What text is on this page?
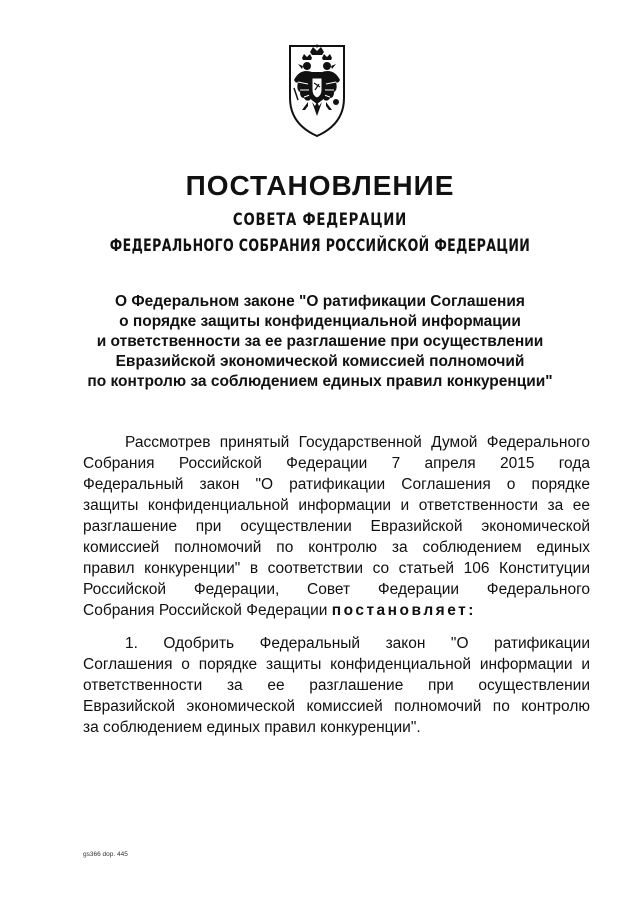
ПОСТАНОВЛЕНИЕ
СОВЕТА ФЕДЕРАЦИИ
ФЕДЕРАЛЬНОГО СОБРАНИЯ РОССИЙСКОЙ ФЕДЕРАЦИИ
О Федеральном законе "О ратификации Соглашения
о порядке защиты конфиденциальной информации
и ответственности за ее разглашение при осуществлении
Евразийской экономической комиссией полномочий
по контролю за соблюдением единых правил конкуренции"
Рассмотрев принятый Государственной Думой Федерального
Собрания Российской Федерации 7 апреля 2015 года
Федеральный закон "О ратификации Соглашения о порядке
защиты конфиденциальной информации и ответственности за ее
разглашение при осуществлении Евразийской экономической
комиссией полномочий по контролю за соблюдением единых
правил конкуренции" в соответствии со статьей 106 Конституции
Российской Федерации, Совет Федерации Федерального
Собрания Российской Федерации постановляет:
1. Одобрить Федеральный закон "О ратификации
Соглашения о порядке защиты конфиденциальной информации и
ответственности за ее разглашение при осуществлении
Евразийской экономической комиссией полномочий по контролю
за соблюдением единых правил конкуренции".
gs366 dop. 445
